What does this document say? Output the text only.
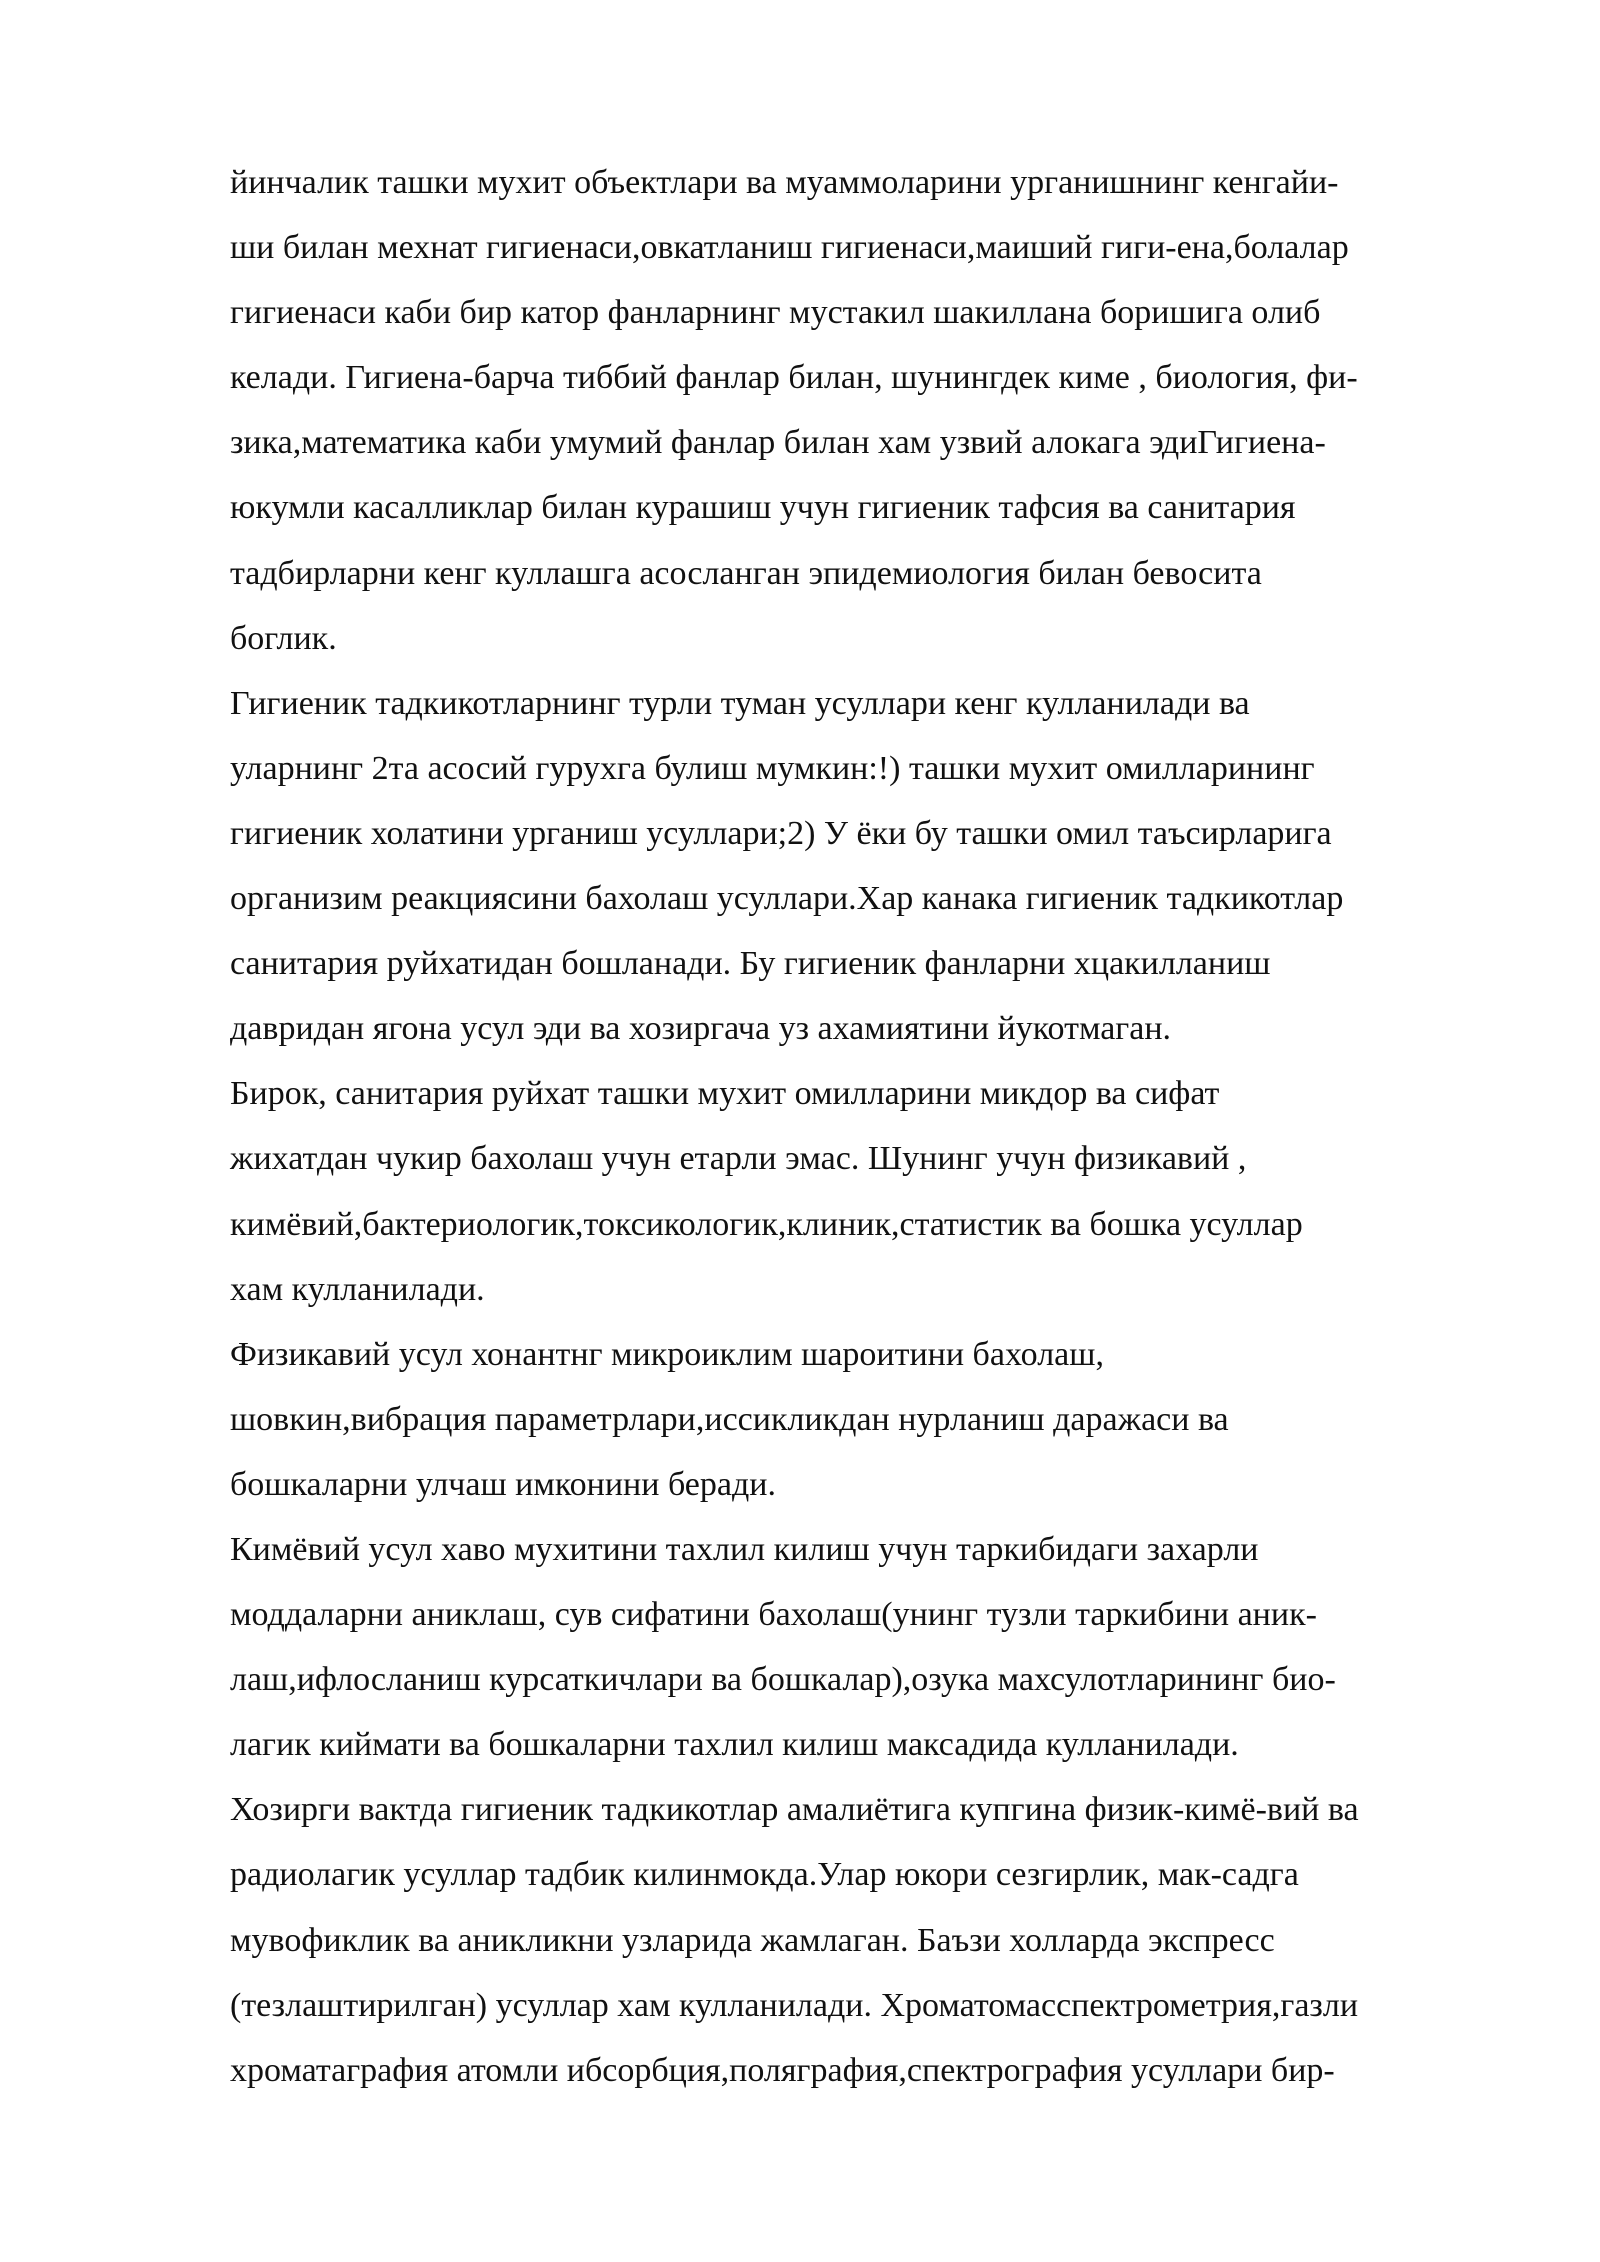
йинчалик ташки мухит объектлари ва муаммоларини урганишнинг кенгайи-
ши билан мехнат гигиенаси,овкатланиш гигиенаси,маиший гиги-ена,болалар
гигиенаси каби бир катор фанларнинг мустакил шакиллана боришига олиб
келади. Гигиена-барча тиббий фанлар билан, шунингдек киме , биология, фи-
зика,математика каби умумий фанлар билан хам узвий алокага эдиГигиена-
юкумли касалликлар билан курашиш учун гигиеник тафсия ва санитария
тадбирларни кенг куллашга асосланган эпидемиология билан бевосита
боглик.
Гигиеник тадкикотларнинг турли туман усуллари кенг кулланилади ва
уларнинг 2та асосий гурухга булиш мумкин:!) ташки мухит омилларининг
гигиеник холатини урганиш усуллари;2) У ёки бу ташки омил таъсирларига
организим реакциясини бахолаш усуллари.Хар канака гигиеник тадкикотлар
санитария руйхатидан бошланади. Бу гигиеник фанларни хцакилланиш
давридан ягона усул эди ва хозиргача уз ахамиятини йукотмаган.
Бирок, санитария руйхат ташки мухит омилларини микдор ва сифат
жихатдан чукир бахолаш учун етарли эмас. Шунинг учун физикавий ,
кимёвий,бактериологик,токсикологик,клиник,статистик ва бошка усуллар
хам кулланилади.
Физикавий усул хонантнг микроиклим шароитини бахолаш,
шовкин,вибрация параметрлари,иссикликдан нурланиш даражаси ва
бошкаларни улчаш имконини беради.
Кимёвий усул хаво мухитини тахлил килиш учун таркибидаги захарли
моддаларни аниклаш, сув сифатини бахолаш(унинг тузли таркибини аник-
лаш,ифлосланиш курсаткичлари ва бошкалар),озука махсулотларининг био-
лагик киймати ва бошкаларни тахлил килиш максадида кулланилади.
Хозирги вактда гигиеник тадкикотлар амалиётига купгина физик-кимё-вий ва
радиолагик усуллар тадбик килинмокда.Улар юкори сезгирлик, мак-садга
мувофиклик ва аникликни узларида жамлаган. Баъзи холларда экспресс
(тезлаштирилган) усуллар хам кулланилади. Хроматомасспектрометрия,газли
хроматаграфия атомли ибсорбция,поляграфия,спектрография усуллари бир-
